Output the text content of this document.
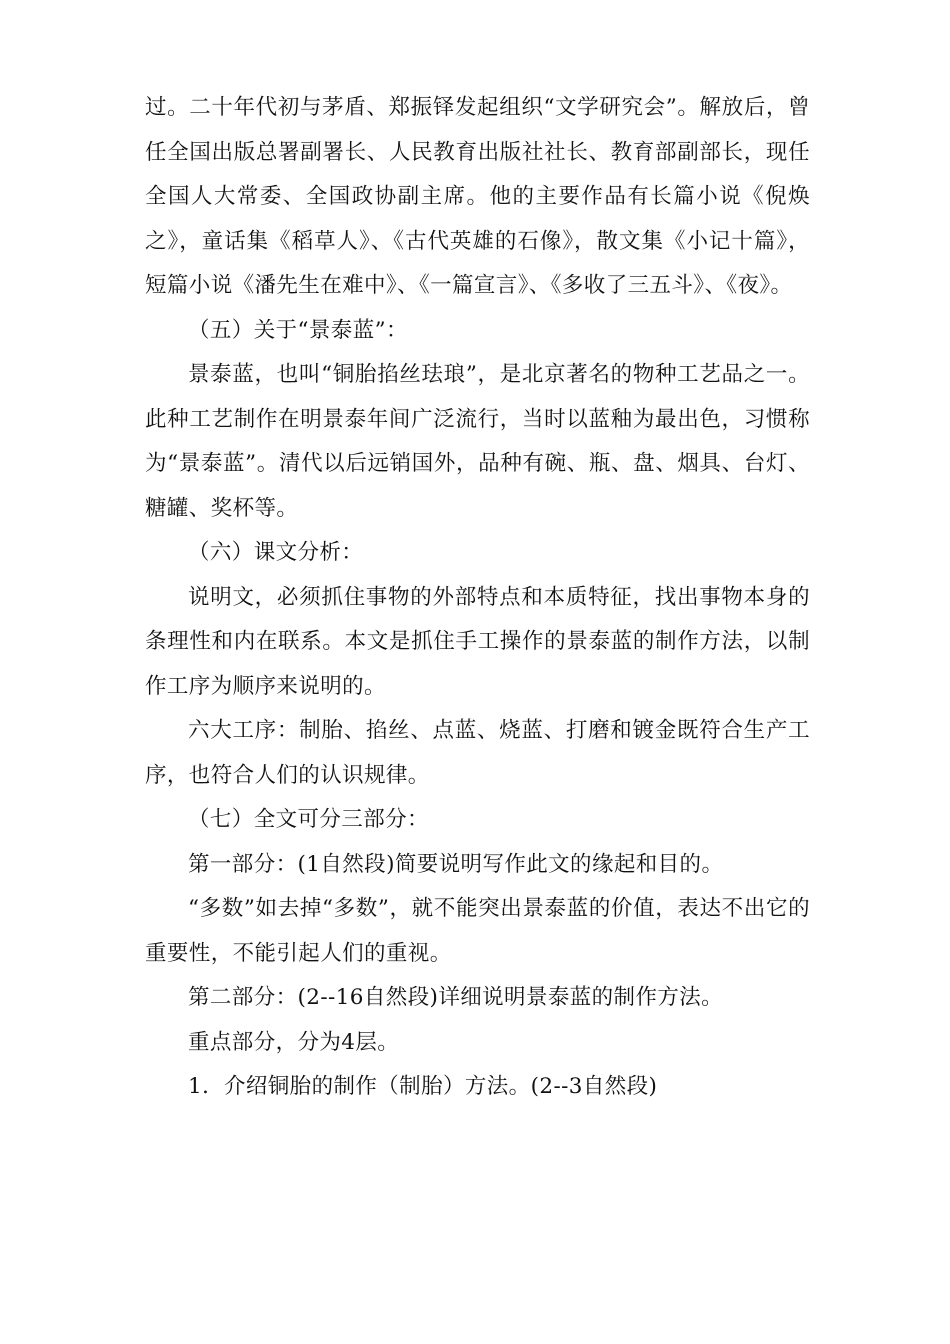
过。二十年代初与茅盾、郑振铎发起组织“文学研究会”。解放后，曾任全国出版总署副署长、人民教育出版社社长、教育部副部长，现任全国人大常委、全国政协副主席。他的主要作品有长篇小说《倪焕之》，童话集《稻草人》、《古代英雄的石像》，散文集《小记十篇》，短篇小说《潘先生在难中》、《一篇宣言》、《多收了三五斗》、《夜》。

（五）关于“景泰蓝”：

景泰蓝，也叫“铜胎掐丝珐琅”，是北京著名的物种工艺品之一。此种工艺制作在明景泰年间广泛流行，当时以蓝釉为最出色，习惯称为“景泰蓝”。清代以后远销国外，品种有碗、瓶、盘、烟具、台灯、糖罐、奖杯等。

（六）课文分析：

说明文，必须抓住事物的外部特点和本质特征，找出事物本身的条理性和内在联系。本文是抓住手工操作的景泰蓝的制作方法，以制作工序为顺序来说明的。

六大工序：制胎、掐丝、点蓝、烧蓝、打磨和镀金既符合生产工序，也符合人们的认识规律。

（七）全文可分三部分：

第一部分：(1自然段)简要说明写作此文的缘起和目的。

“多数”如去掉“多数”，就不能突出景泰蓝的价值，表达不出它的重要性，不能引起人们的重视。

第二部分：(2--16自然段)详细说明景泰蓝的制作方法。

重点部分，分为4层。

1．介绍铜胎的制作（制胎）方法。(2--3自然段)
